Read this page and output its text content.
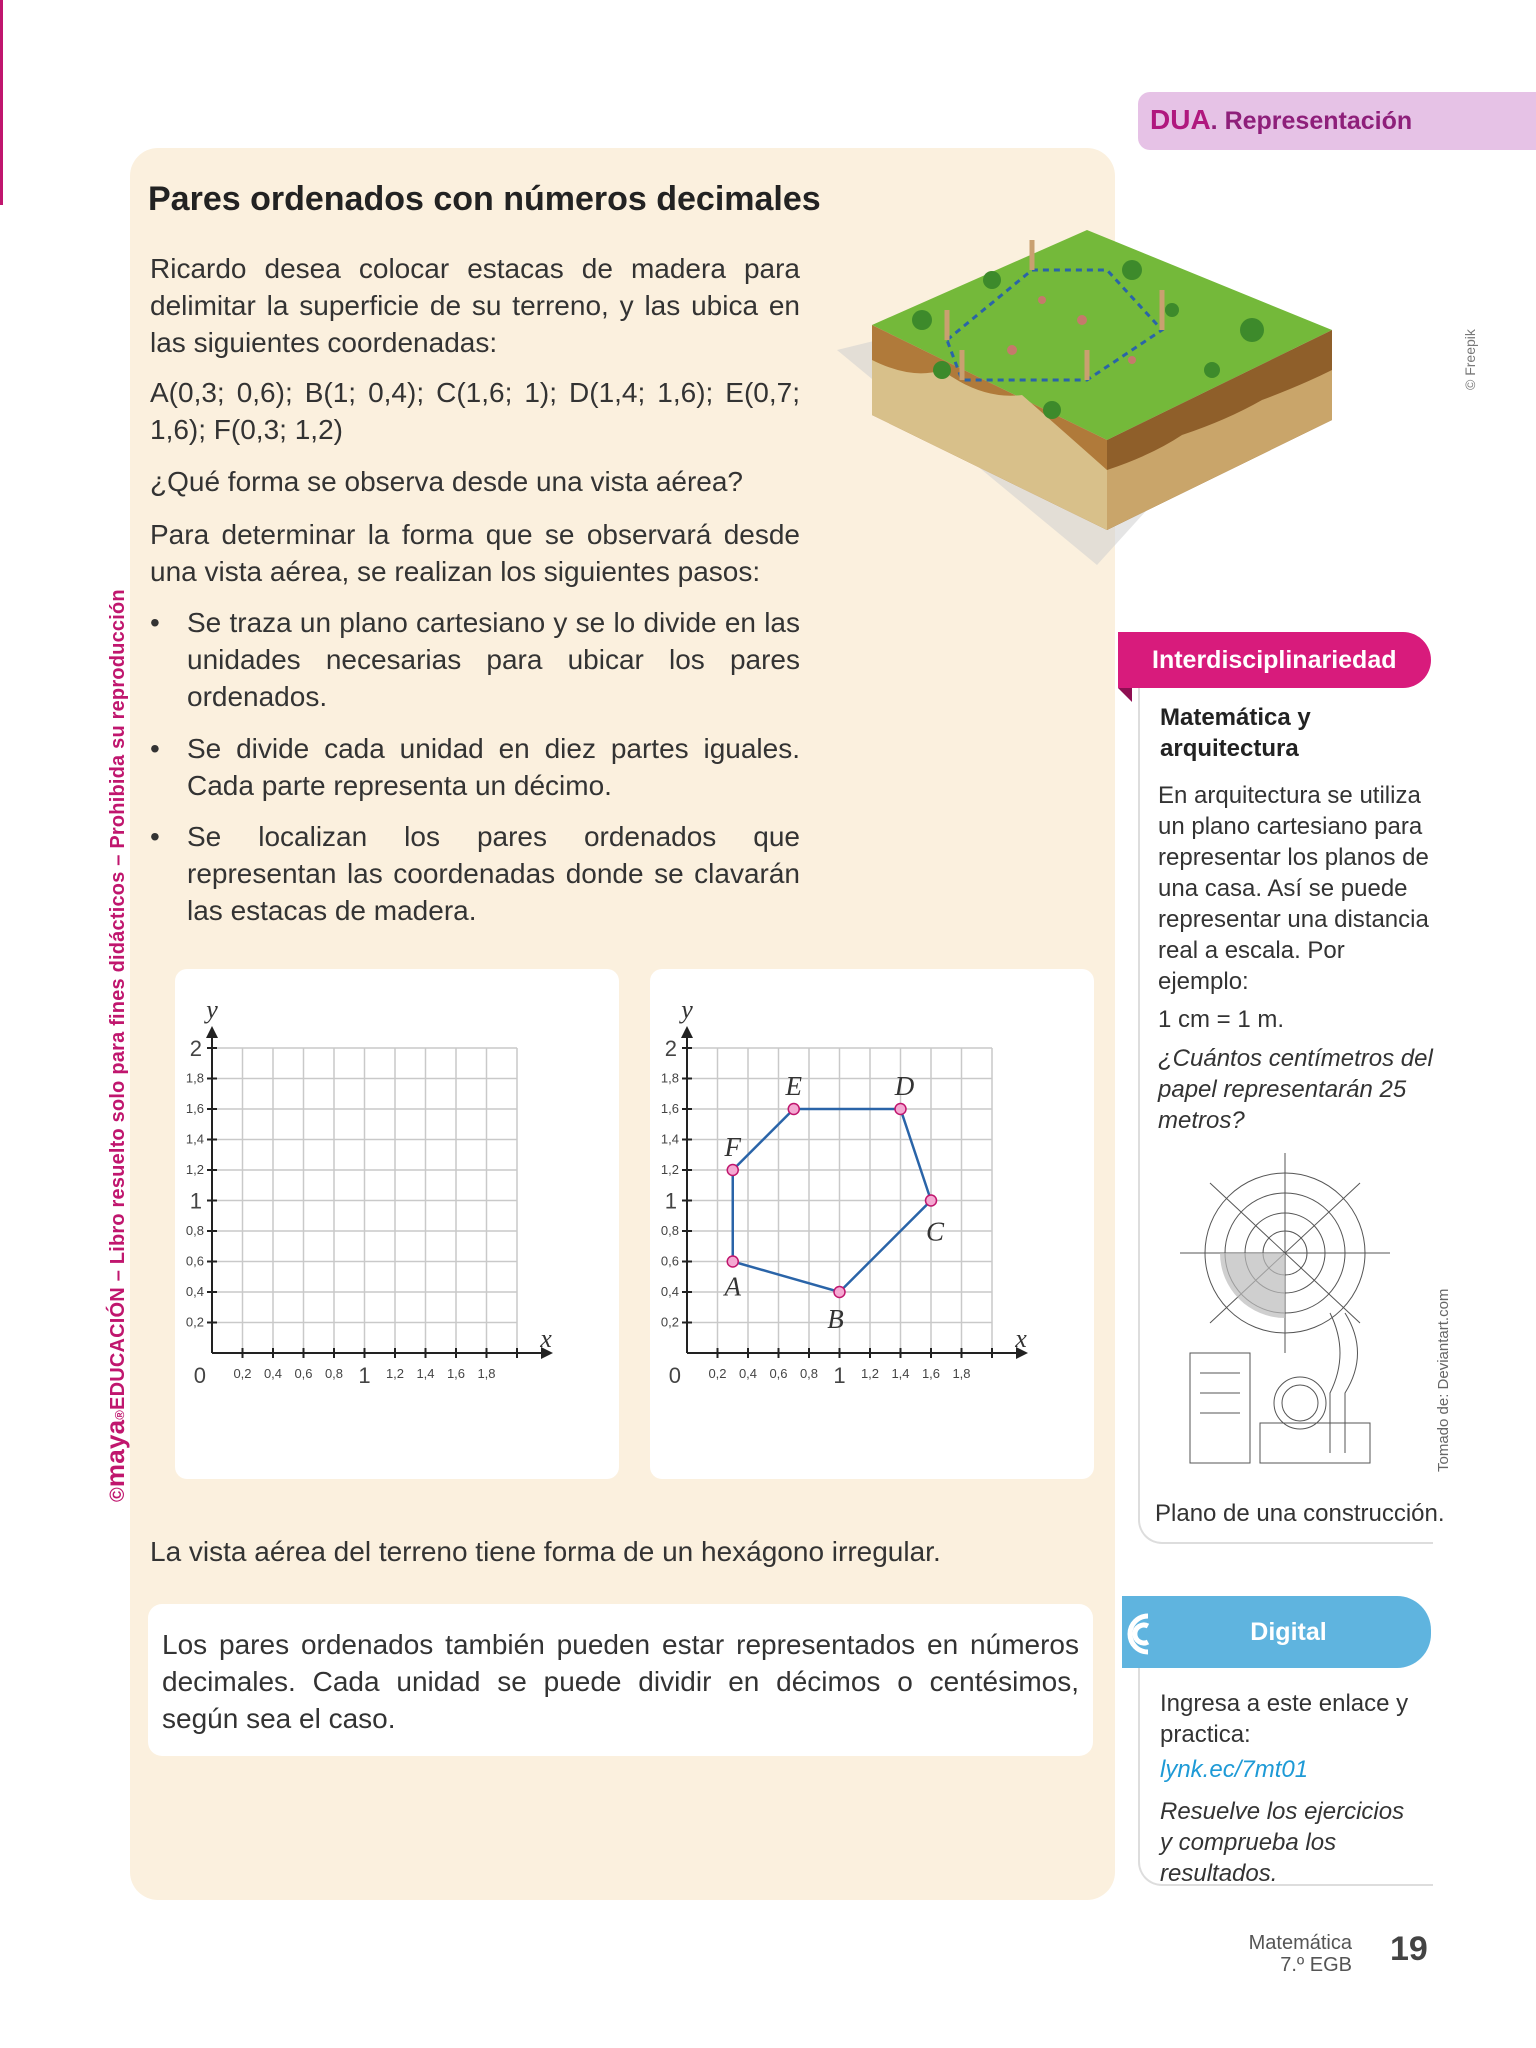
©maya®EDUCACIÓN – Libro resuelto solo para fines didácticos – Prohibida su reproducción
DUA. Representación
Pares ordenados con números decimales
Ricardo desea colocar estacas de madera para delimitar la superficie de su terreno, y las ubica en las siguientes coordenadas:
A(0,3; 0,6); B(1; 0,4); C(1,6; 1); D(1,4; 1,6); E(0,7; 1,6); F(0,3; 1,2)
¿Qué forma se observa desde una vista aérea?
Para determinar la forma que se observará desde una vista aérea, se realizan los siguientes pasos:
• Se traza un plano cartesiano y se lo divide en las unidades necesarias para ubicar los pares ordenados.
• Se divide cada unidad en diez partes iguales. Cada parte representa un décimo.
• Se localizan los pares ordenados que representan las coordenadas donde se clavarán las estacas de madera.
0,2 0,4 0,6 0,8 1 1,2 1,4 1,6 1,8
0,2
0,4
0,6
0,8
1
1,2
1,4
1,6
1,8
2
0
x
y
0,2 0,4 0,6 0,8 1 1,2 1,4 1,6 1,8
0,2
0,4
0,6
0,8
1
1,2
1,4
1,6
1,8
2
0
x
y
A
B
C
D
E
F
La vista aérea del terreno tiene forma de un hexágono irregular.
Los pares ordenados también pueden estar representados en números decimales. Cada unidad se puede dividir en décimos o centésimos, según sea el caso.
© Freepik
Interdisciplinariedad
Matemática y arquitectura
En arquitectura se utiliza un plano cartesiano para representar los planos de una casa. Así se puede representar una distancia real a escala. Por ejemplo:
1 cm = 1 m.
¿Cuántos centímetros del papel representarán 25 metros?
Tomado de: Deviantart.com
Plano de una construcción.
Digital
Ingresa a este enlace y practica:
lynk.ec/7mt01
Resuelve los ejercicios y comprueba los resultados.
Matemática
7.º EGB 19
